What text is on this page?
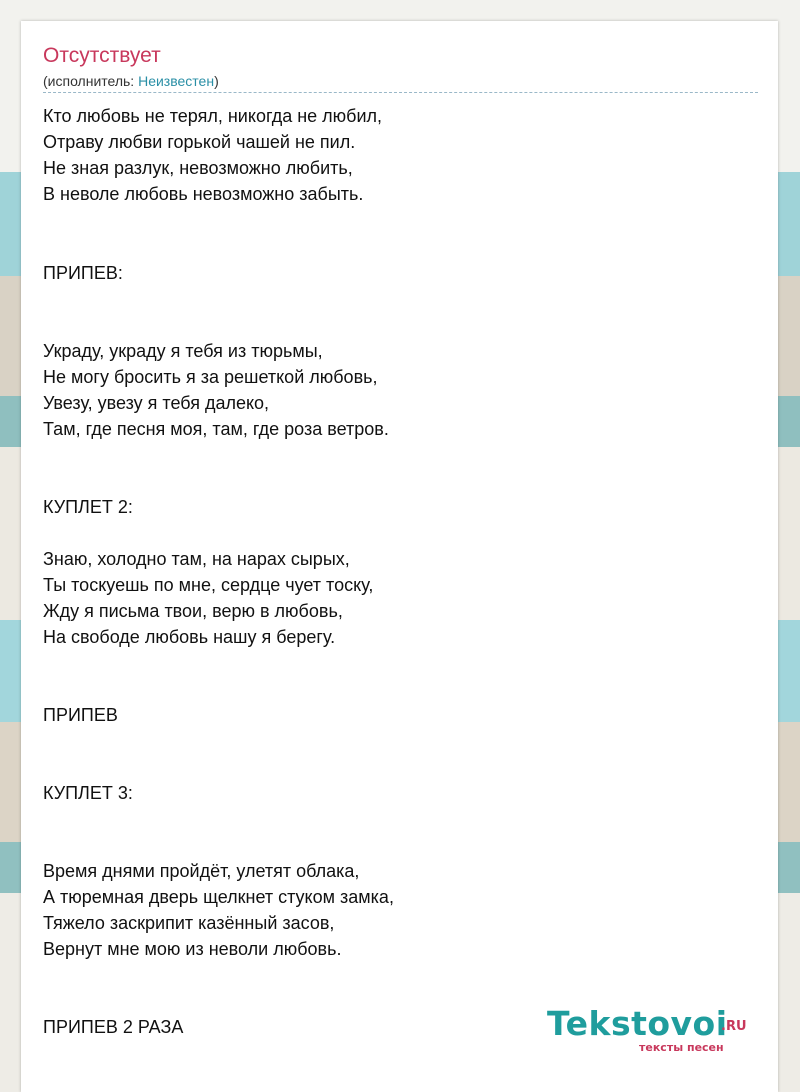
Отсутствует
(исполнитель: Неизвестен)
Кто любовь не терял, никогда не любил,
Отраву любви горькой чашей не пил.
Не зная разлук, невозможно любить,
В неволе любовь невозможно забыть.
ПРИПЕВ:
Украду, украду я тебя из тюрьмы,
Не могу бросить я за решеткой любовь,
Увезу, увезу я тебя далеко,
Там, где песня моя, там, где роза ветров.
КУПЛЕТ 2:
Знаю, холодно там, на нарах сырых,
Ты тоскуешь по мне, сердце чует тоску,
Жду я письма твои, верю в любовь,
На свободе любовь нашу я берегу.
ПРИПЕВ
КУПЛЕТ 3:
Время днями пройдёт, улетят облака,
А тюремная дверь щелкнет стуком замка,
Тяжело заскрипит казённый засов,
Вернут мне мою из неволи любовь.
ПРИПЕВ 2 РАЗА	Tekstovoi
.RU
тексты песен
